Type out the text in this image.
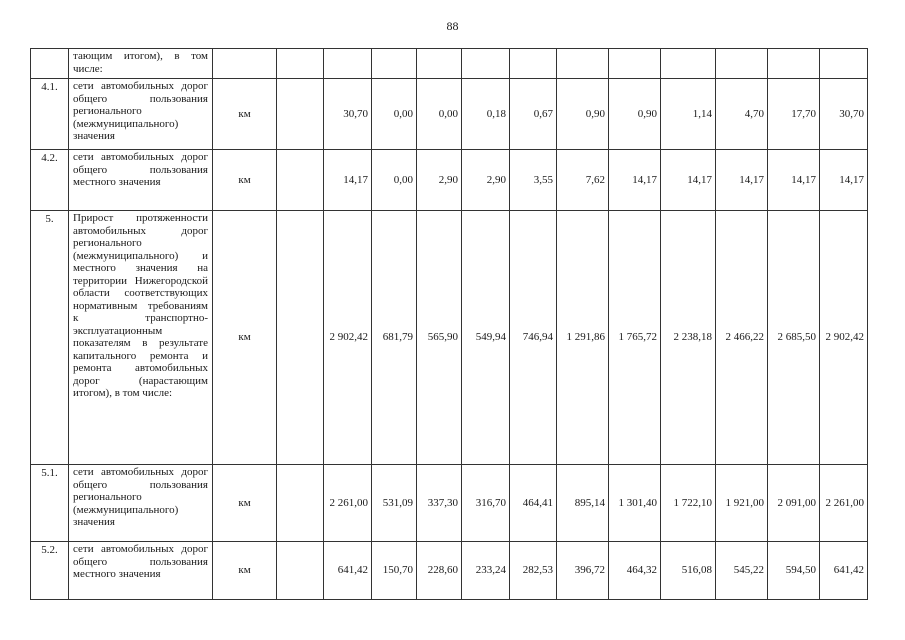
88
	тающим итогом), в том числе:													
4.1.	сети автомобильных дорог общего пользования регионального (межмуниципального) значения	км		30,70	0,00	0,00	0,18	0,67	0,90	0,90	1,14	4,70	17,70	30,70
4.2.	сети автомобильных дорог общего пользования местного значения	км		14,17	0,00	2,90	2,90	3,55	7,62	14,17	14,17	14,17	14,17	14,17
5.	Прирост протяженности автомобильных дорог регионального (межмуниципального) и местного значения на территории Нижегородской области соответствующих нормативным требованиям к транспортно-эксплуатационным показателям в результате капитального ремонта и ремонта автомобильных дорог (нарастающим итогом), в том числе:	км		2 902,42	681,79	565,90	549,94	746,94	1 291,86	1 765,72	2 238,18	2 466,22	2 685,50	2 902,42
5.1.	сети автомобильных дорог общего пользования регионального (межмуниципального) значения	км		2 261,00	531,09	337,30	316,70	464,41	895,14	1 301,40	1 722,10	1 921,00	2 091,00	2 261,00
5.2.	сети автомобильных дорог общего пользования местного значения	км		641,42	150,70	228,60	233,24	282,53	396,72	464,32	516,08	545,22	594,50	641,42
